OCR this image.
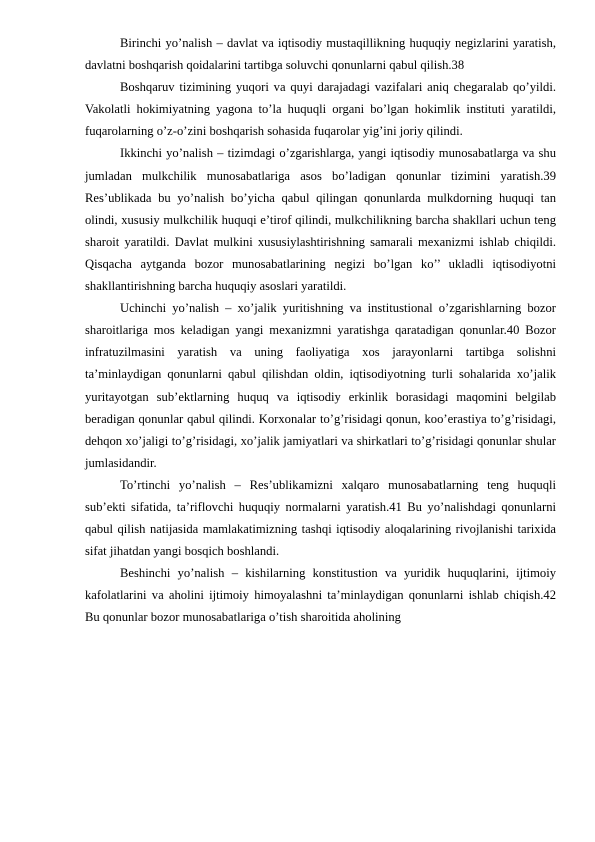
Birinchi yo’nalish – davlat va iqtisodiy mustaqillikning huquqiy negizlarini yaratish, davlatni boshqarish qoidalarini tartibga soluvchi qonunlarni qabul qilish.38

Boshqaruv tizimining yuqori va quyi darajadagi vazifalari aniq chegaralab qo’yildi. Vakolatli hokimiyatning yagona to’la huquqli organi bo’lgan hokimlik instituti yaratildi, fuqarolarning o’z-o’zini boshqarish sohasida fuqarolar yig’ini joriy qilindi.

Ikkinchi yo’nalish – tizimdagi o’zgarishlarga, yangi iqtisodiy munosabatlarga va shu jumladan mulkchilik munosabatlariga asos bo’ladigan qonunlar tizimini yaratish.39 Res’ublikada bu yo’nalish bo’yicha qabul qilingan qonunlarda mulkdorning huquqi tan olindi, xususiy mulkchilik huquqi e’tirof qilindi, mulkchilikning barcha shakllari uchun teng sharoit yaratildi. Davlat mulkini xususiylashtirishning samarali mexanizmi ishlab chiqildi. Qisqacha aytganda bozor munosabatlarining negizi bo’lgan ko’’ ukladli iqtisodiyotni shakllantirishning barcha huquqiy asoslari yaratildi.

Uchinchi yo’nalish – xo’jalik yuritishning va institustional o’zgarishlarning bozor sharoitlariga mos keladigan yangi mexanizmni yaratishga qaratadigan qonunlar.40 Bozor infratuzilmasini yaratish va uning faoliyatiga xos jarayonlarni tartibga solishni ta’minlaydigan qonunlarni qabul qilishdan oldin, iqtisodiyotning turli sohalarida xo’jalik yuritayotgan sub’ektlarning huquq va iqtisodiy erkinlik borasidagi maqomini belgilab beradigan qonunlar qabul qilindi. Korxonalar to’g’risidagi qonun, koo’erastiya to’g’risidagi, dehqon xo’jaligi to’g’risidagi, xo’jalik jamiyatlari va shirkatlari to’g’risidagi qonunlar shular jumlasidandir.

To’rtinchi yo’nalish – Res’ublikamizni xalqaro munosabatlarning teng huquqli sub’ekti sifatida, ta’riflovchi huquqiy normalarni yaratish.41 Bu yo’nalishdagi qonunlarni qabul qilish natijasida mamlakatimizning tashqi iqtisodiy aloqalarining rivojlanishi tarixida sifat jihatdan yangi bosqich boshlandi.

Beshinchi yo’nalish – kishilarning konstitustion va yuridik huquqlarini, ijtimoiy kafolatlarini va aholini ijtimoiy himoyalashni ta’minlaydigan qonunlarni ishlab chiqish.42 Bu qonunlar bozor munosabatlariga o’tish sharoitida aholining
